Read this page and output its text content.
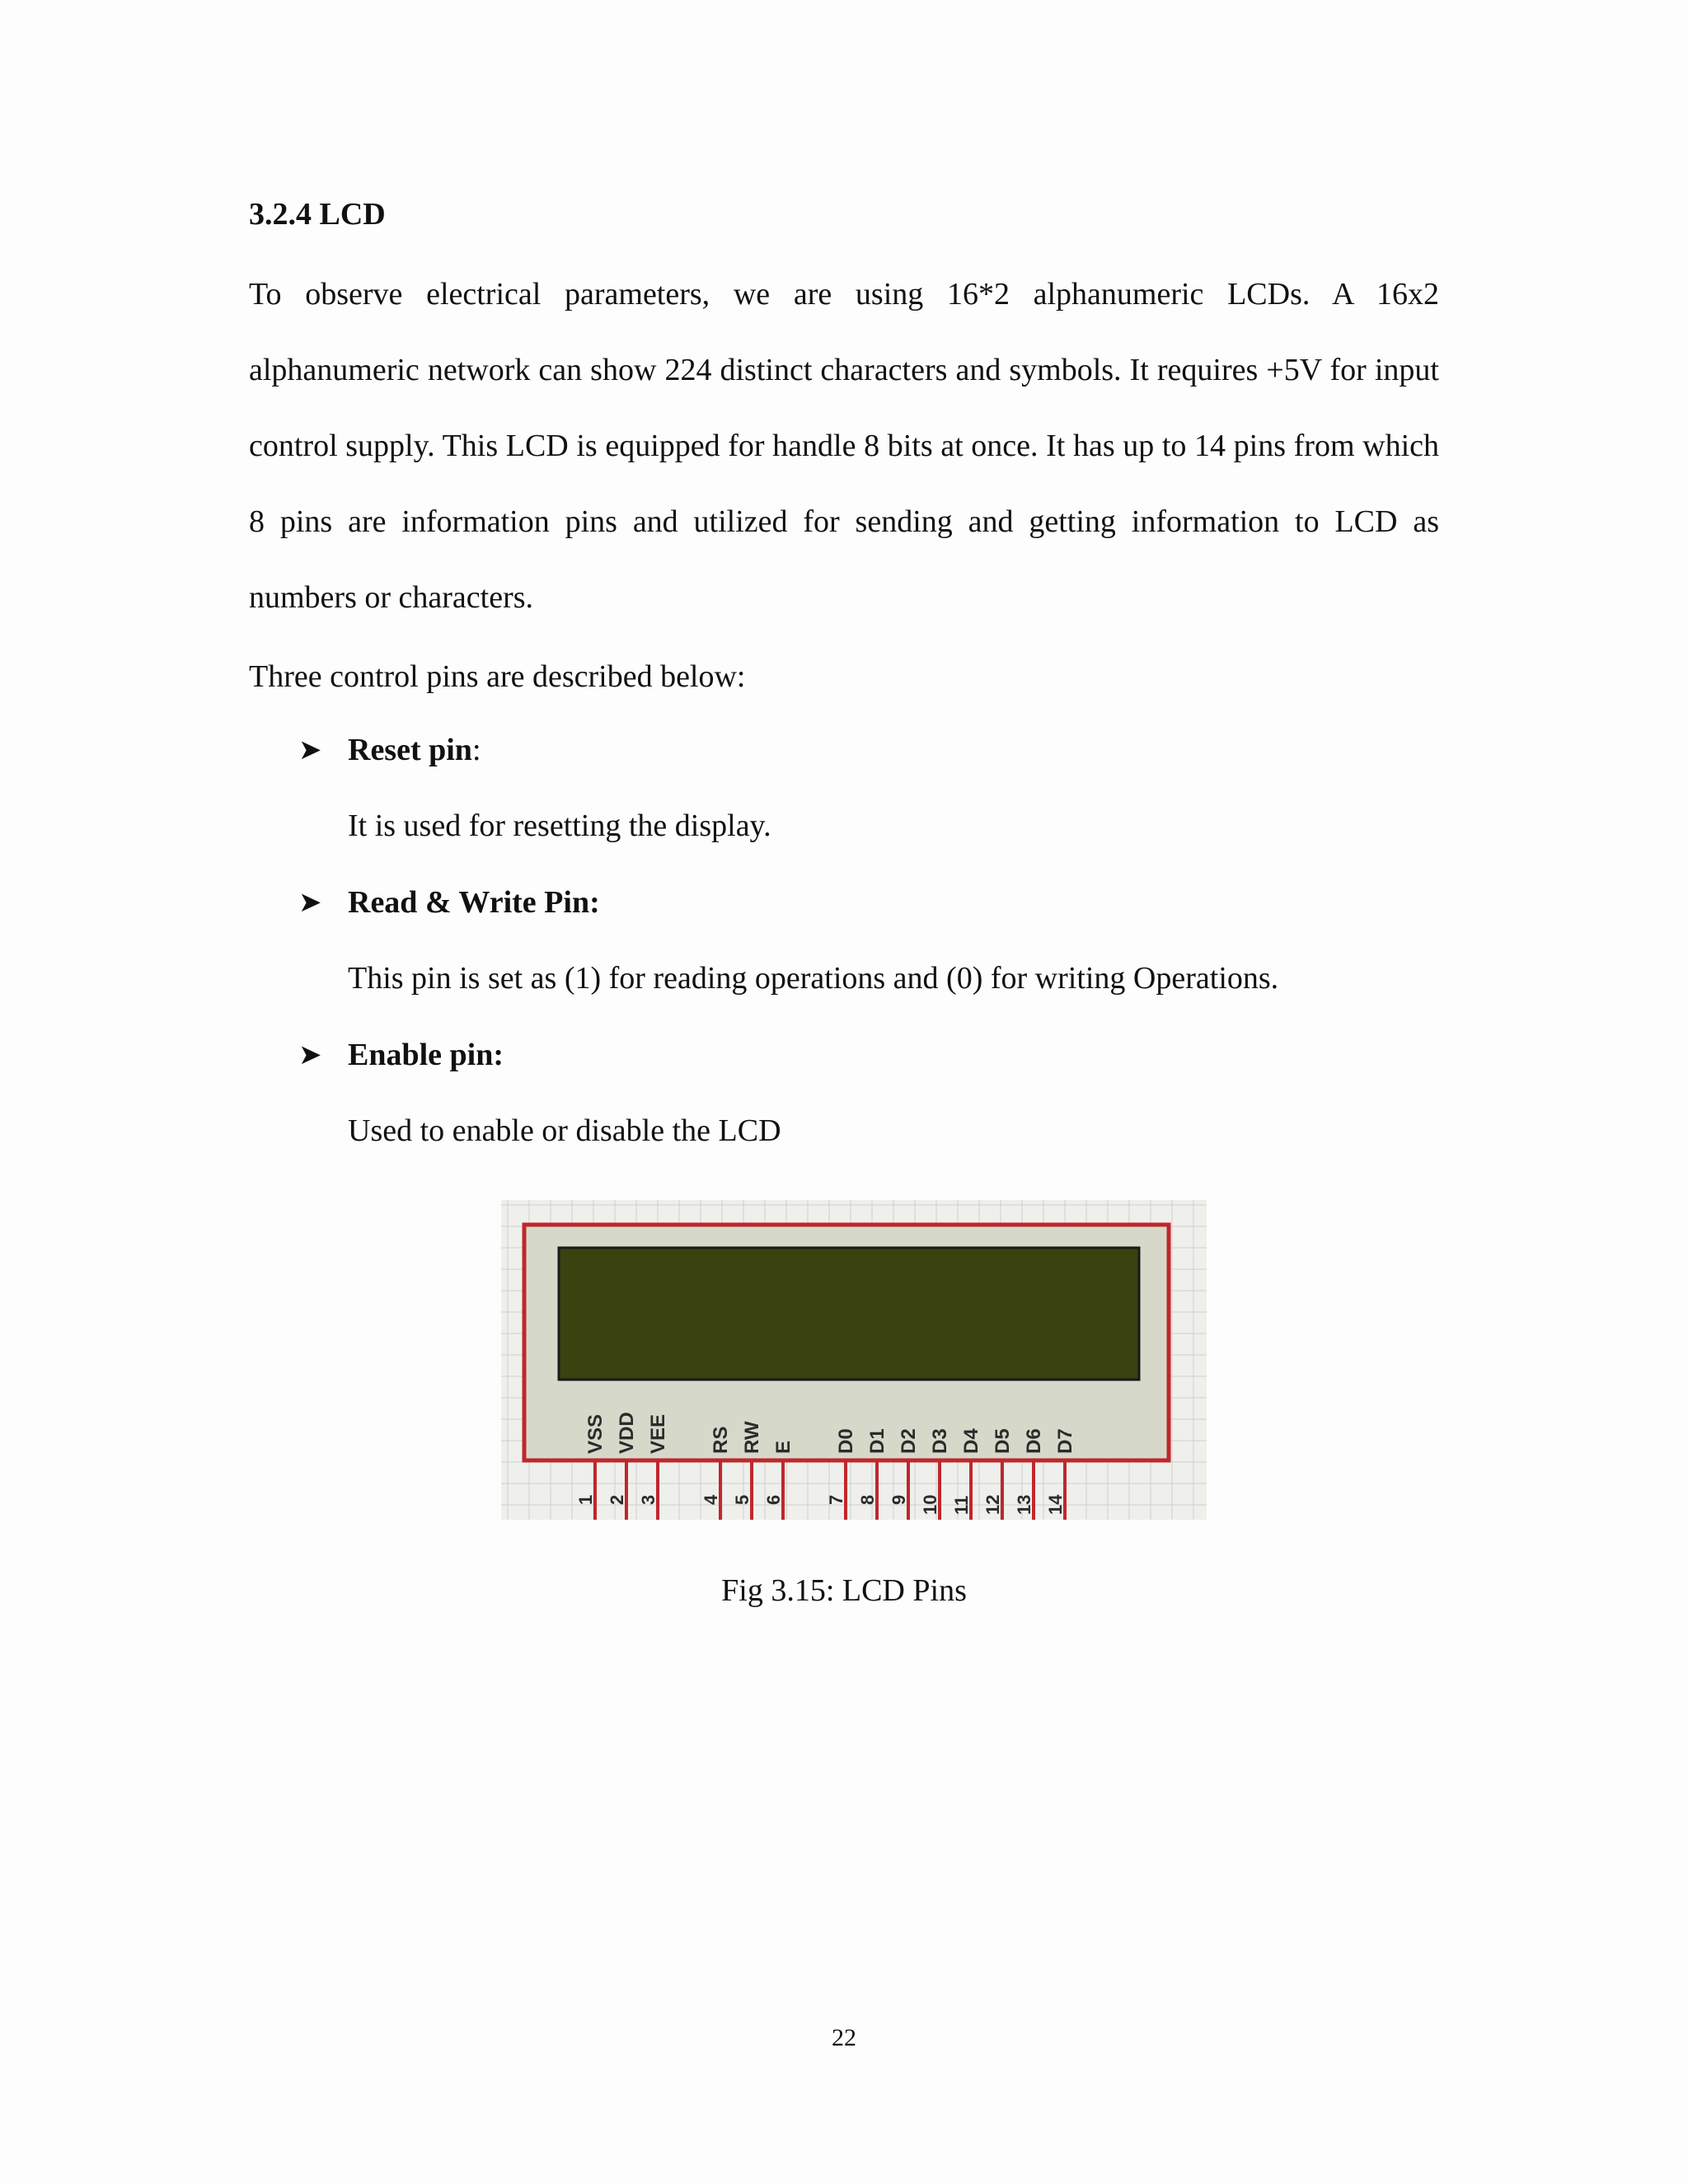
3.2.4 LCD

To observe electrical parameters, we are using 16*2 alphanumeric LCDs. A 16x2 alphanumeric network can show 224 distinct characters and symbols. It requires +5V for input control supply. This LCD is equipped for handle 8 bits at once. It has up to 14 pins from which 8 pins are information pins and utilized for sending and getting information to LCD as numbers or characters.

Three control pins are described below:

➤ Reset pin :
It is used for resetting the display.
➤ Read & Write Pin:
This pin is set as (1) for reading operations and (0) for writing Operations.
➤ Enable pin:
Used to enable or disable the LCD
VSS
1
VDD
2
VEE
3
RS
4
RW
5
E
6
D0
7
D1
8
D2
9
D3
10
D4
11
D5
12
D6
13
D7
14
Fig 3.15: LCD Pins
22
